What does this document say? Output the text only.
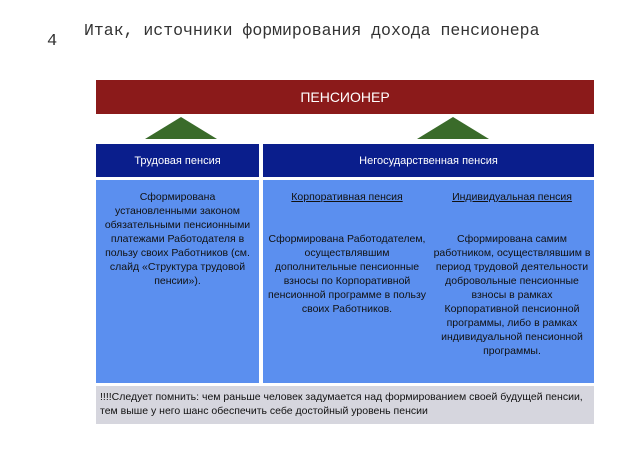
4
Итак, источники формирования дохода пенсионера
ПЕНСИОНЕР
Трудовая пенсия	Негосударственная пенсия
Сформирована установленными законом обязательными пенсионными платежами Работодателя в пользу своих Работников (см. слайд «Структура трудовой пенсии»).
Корпоративная пенсия
Сформирована Работодателем, осуществлявшим дополнительные пенсионные взносы по Корпоративной пенсионной программе в пользу своих Работников.
Индивидуальная пенсия
Сформирована самим работником, осуществлявшим в период трудовой деятельности добровольные пенсионные взносы в рамках Корпоративной пенсионной программы, либо в рамках индивидуальной пенсионной программы.
!!!!Следует помнить: чем раньше человек задумается над формированием своей будущей пенсии, тем выше у него шанс обеспечить себе достойный уровень пенсии
